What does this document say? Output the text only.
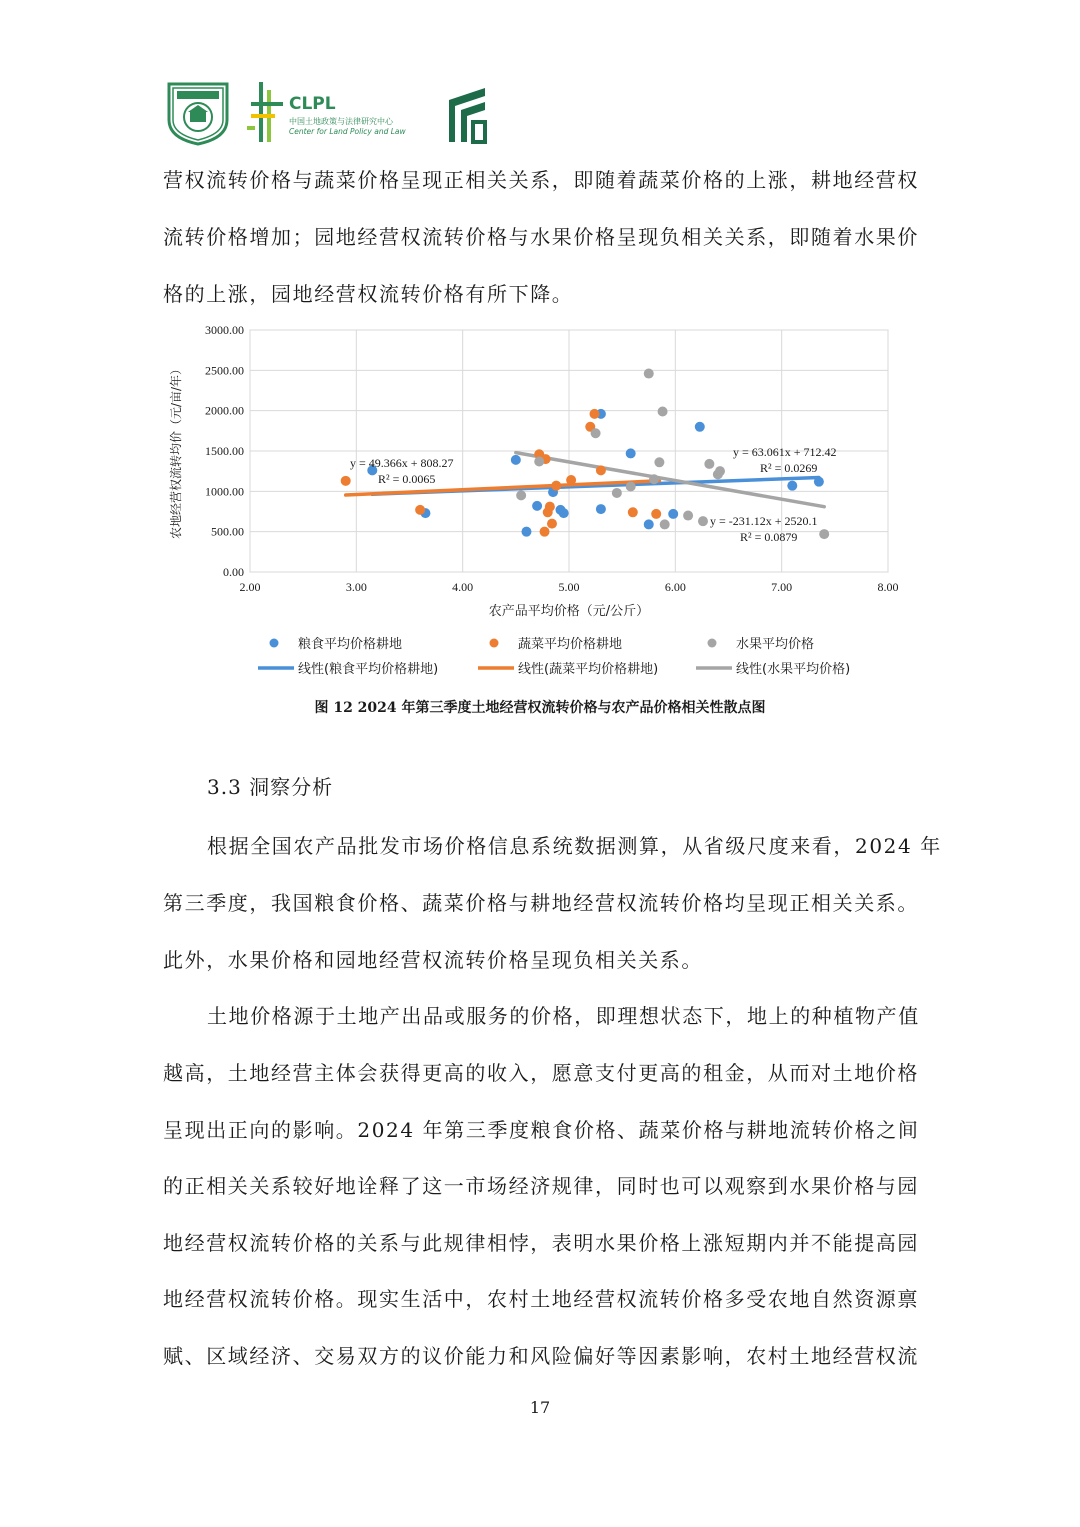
CLPL
中国土地政策与法律研究中心
Center for Land Policy and Law
营权流转价格与蔬菜价格呈现正相关关系，即随着蔬菜价格的上涨，耕地经营权
流转价格增加；园地经营权流转价格与水果价格呈现负相关关系，即随着水果价
格的上涨，园地经营权流转价格有所下降。
0.00
500.00
1000.00
1500.00
2000.00
2500.00
3000.00
2.00	3.00	4.00	5.00	6.00	7.00	8.00
y = 49.366x + 808.27
R² = 0.0065
y = 63.061x + 712.42
R² = 0.0269
y = -231.12x + 2520.1
R² = 0.0879
农产品平均价格（元/公斤）
农地经营权流转均价（元/亩/年）
粮食平均价格耕地	蔬菜平均价格耕地	水果平均价格
线性(粮食平均价格耕地)	线性(蔬菜平均价格耕地)	线性(水果平均价格)
图 12 2024 年第三季度土地经营权流转价格与农产品价格相关性散点图
3.3 洞察分析
根据全国农产品批发市场价格信息系统数据测算，从省级尺度来看，2024 年
第三季度，我国粮食价格、蔬菜价格与耕地经营权流转价格均呈现正相关关系。
此外，水果价格和园地经营权流转价格呈现负相关关系。
土地价格源于土地产出品或服务的价格，即理想状态下，地上的种植物产值
越高，土地经营主体会获得更高的收入，愿意支付更高的租金，从而对土地价格
呈现出正向的影响。2024 年第三季度粮食价格、蔬菜价格与耕地流转价格之间
的正相关关系较好地诠释了这一市场经济规律，同时也可以观察到水果价格与园
地经营权流转价格的关系与此规律相悖，表明水果价格上涨短期内并不能提高园
地经营权流转价格。现实生活中，农村土地经营权流转价格多受农地自然资源禀
赋、区域经济、交易双方的议价能力和风险偏好等因素影响，农村土地经营权流
17
